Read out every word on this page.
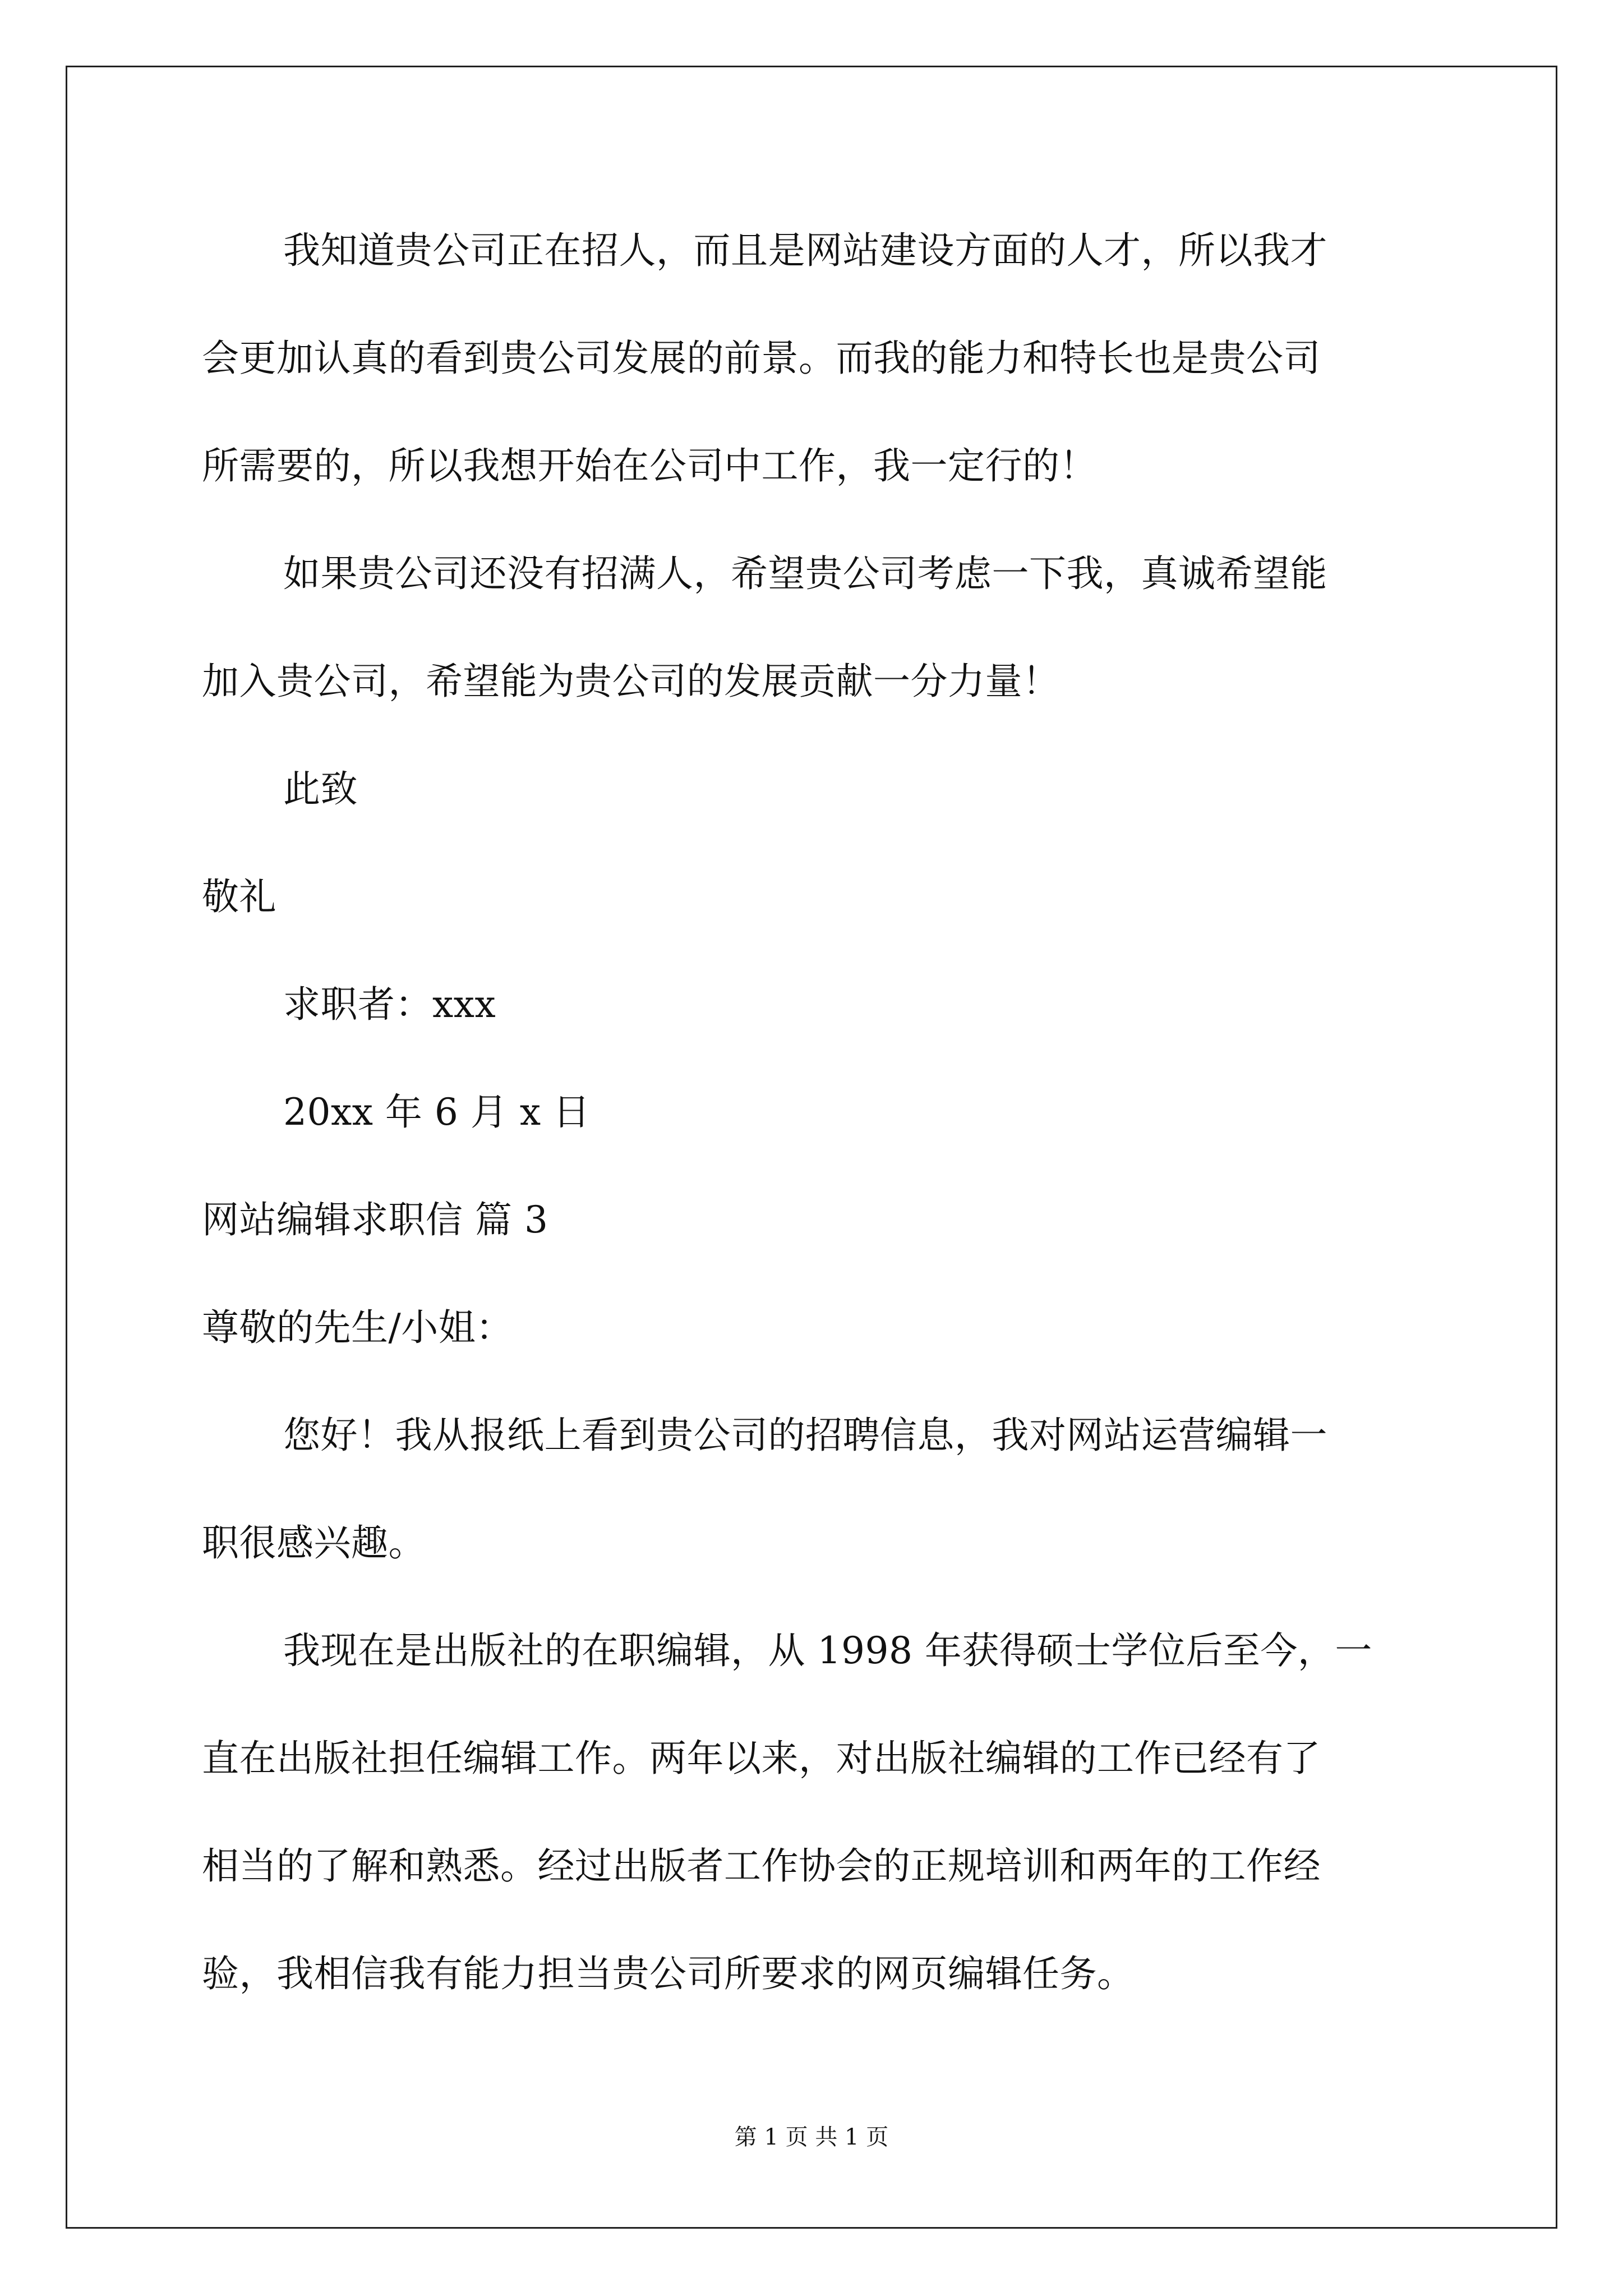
我知道贵公司正在招人，而且是网站建设方面的人才，所以我才
会更加认真的看到贵公司发展的前景。而我的能力和特长也是贵公司
所需要的，所以我想开始在公司中工作，我一定行的！
如果贵公司还没有招满人，希望贵公司考虑一下我，真诚希望能
加入贵公司，希望能为贵公司的发展贡献一分力量！
此致
敬礼
求职者：xxx
20xx 年 6 月 x 日
网站编辑求职信 篇 3
尊敬的先生/小姐：
您好！我从报纸上看到贵公司的招聘信息，我对网站运营编辑一
职很感兴趣。
我现在是出版社的在职编辑，从 1998 年获得硕士学位后至今，一
直在出版社担任编辑工作。两年以来，对出版社编辑的工作已经有了
相当的了解和熟悉。经过出版者工作协会的正规培训和两年的工作经
验，我相信我有能力担当贵公司所要求的网页编辑任务。
第 1 页 共 1 页
